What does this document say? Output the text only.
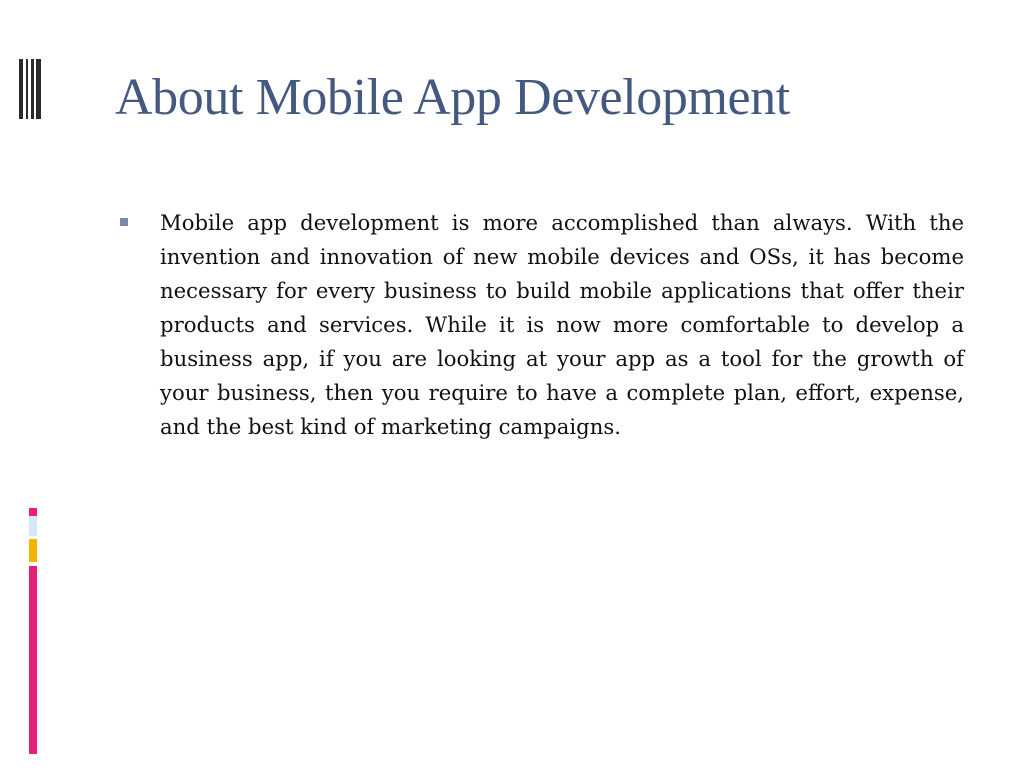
About Mobile App Development

Mobile app development is more accomplished than always. With the invention and innovation of new mobile devices and OSs, it has become necessary for every business to build mobile applications that offer their products and services. While it is now more comfortable to develop a business app, if you are looking at your app as a tool for the growth of your business, then you require to have a complete plan, effort, expense, and the best kind of marketing campaigns.
